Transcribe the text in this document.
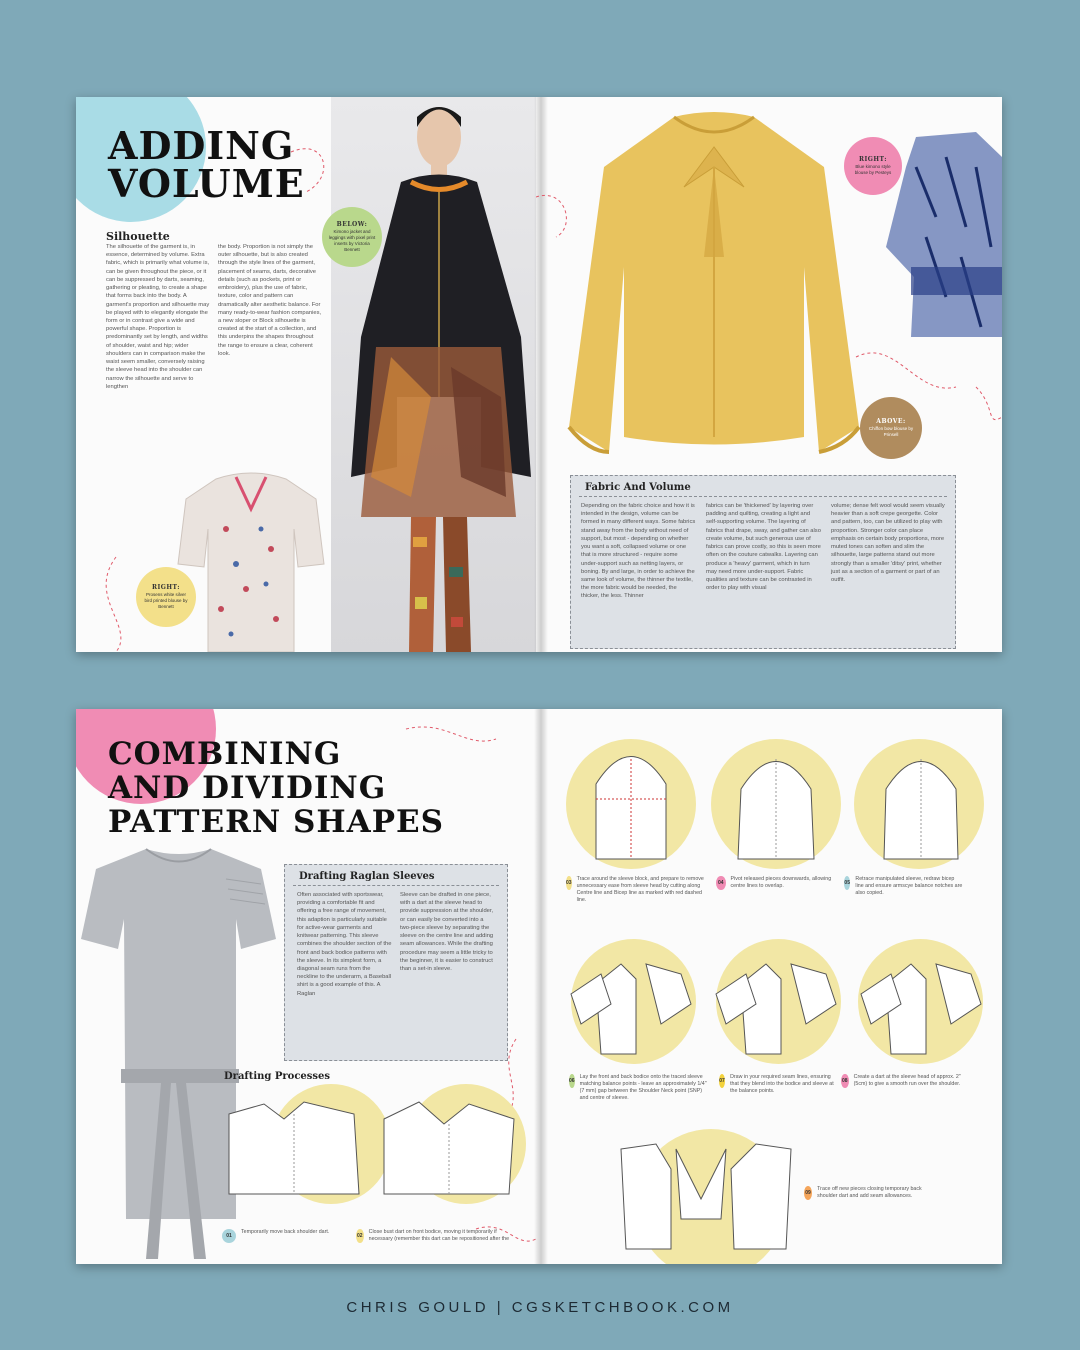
ADDING
VOLUME
Silhouette
The silhouette of the garment is, in essence, determined by volume. Extra fabric, which is primarily what volume is, can be given throughout the piece, or it can be suppressed by darts, seaming, gathering or pleating, to create a shape that forms back into the body. A garment's proportion and silhouette may be played with to elegantly elongate the form or in contrast give a wide and powerful shape. Proportion is predominantly set by length, and widths of shoulder, waist and hip; wider shoulders can in comparison make the waist seem smaller, conversely raising the sleeve head into the shoulder can narrow the silhouette and serve to lengthen
the body. Proportion is not simply the outer silhouette, but is also created through the style lines of the garment, placement of seams, darts, decorative details (such as pockets, print or embroidery), plus the use of fabric, texture, color and pattern can dramatically alter aesthetic balance. For many ready-to-wear fashion companies, a new sloper or Block silhouette is created at the start of a collection, and this underpins the shapes throughout the range to ensure a clear, coherent look.
BELOW:
Kimono jacket and leggings with pixel print inserts by Victoria Bennett
RIGHT:
Prosens white silver bird printed blouse by Bennett
RIGHT:
Blue kimono style blouse by Pesteys
ABOVE:
Chiffon bow blouse by Prinsell
Fabric And Volume
Depending on the fabric choice and how it is intended in the design, volume can be formed in many different ways. Some fabrics stand away from the body without need of support, but most - depending on whether you want a soft, collapsed volume or one that is more structured - require some under-support such as netting layers, or boning. By and large, in order to achieve the same look of volume, the thinner the textile, the more fabric would be needed, the thicker, the less. Thinner
fabrics can be 'thickened' by layering over padding and quilting, creating a light and self-supporting volume. The layering of fabrics that drape, sway, and gather can also create volume, but such generous use of fabrics can prove costly, so this is seen more often on the couture catwalks. Layering can produce a 'heavy' garment, which in turn may need more under-support. Fabric qualities and texture can be contrasted in order to play with visual
volume; dense felt wool would seem visually heavier than a soft crepe georgette. Color and pattern, too, can be utilized to play with proportion. Stronger color can place emphasis on certain body proportions, more muted tones can soften and slim the silhouette, large patterns stand out more strongly than a smaller 'ditsy' print, whether just as a section of a garment or part of an outfit.
COMBINING
AND DIVIDING
PATTERN SHAPES
Drafting Raglan Sleeves
Often associated with sportswear, providing a comfortable fit and offering a free range of movement, this adaption is particularly suitable for active-wear garments and knitwear patterning. This sleeve combines the shoulder section of the front and back bodice patterns with the sleeve. In its simplest form, a diagonal seam runs from the neckline to the underarm, a Baseball shirt is a good example of this. A Raglan
Sleeve can be drafted in one piece, with a dart at the sleeve head to provide suppression at the shoulder, or can easily be converted into a two-piece sleeve by separating the sleeve on the centre line and adding seam allowances. While the drafting procedure may seem a little tricky to the beginner, it is easier to construct than a set-in sleeve.
Drafting Processes
01
Temporarily move back shoulder dart.
02
Close bust dart on front bodice, moving it temporarily if necessary (remember this dart can be repositioned after the
03
Trace around the sleeve block, and prepare to remove unnecessary ease from sleeve head by cutting along Centre line and Bicep line as marked with red dashed line.
04
Pivot released pieces downwards, allowing centre lines to overlap.
05
Retrace manipulated sleeve, redraw bicep line and ensure armscye balance notches are also copied.
06
Lay the front and back bodice onto the traced sleeve matching balance points - leave an approximately 1/4" (7 mm) gap between the Shoulder Neck point (SNP) and centre of sleeve.
07
Draw in your required seam lines, ensuring that they blend into the bodice and sleeve at the balance points.
08
Create a dart at the sleeve head of approx. 2" (5cm) to give a smooth run over the shoulder.
09
Trace off new pieces closing temporary back shoulder dart and add seam allowances.
CHRIS GOULD | CGSKETCHBOOK.COM
